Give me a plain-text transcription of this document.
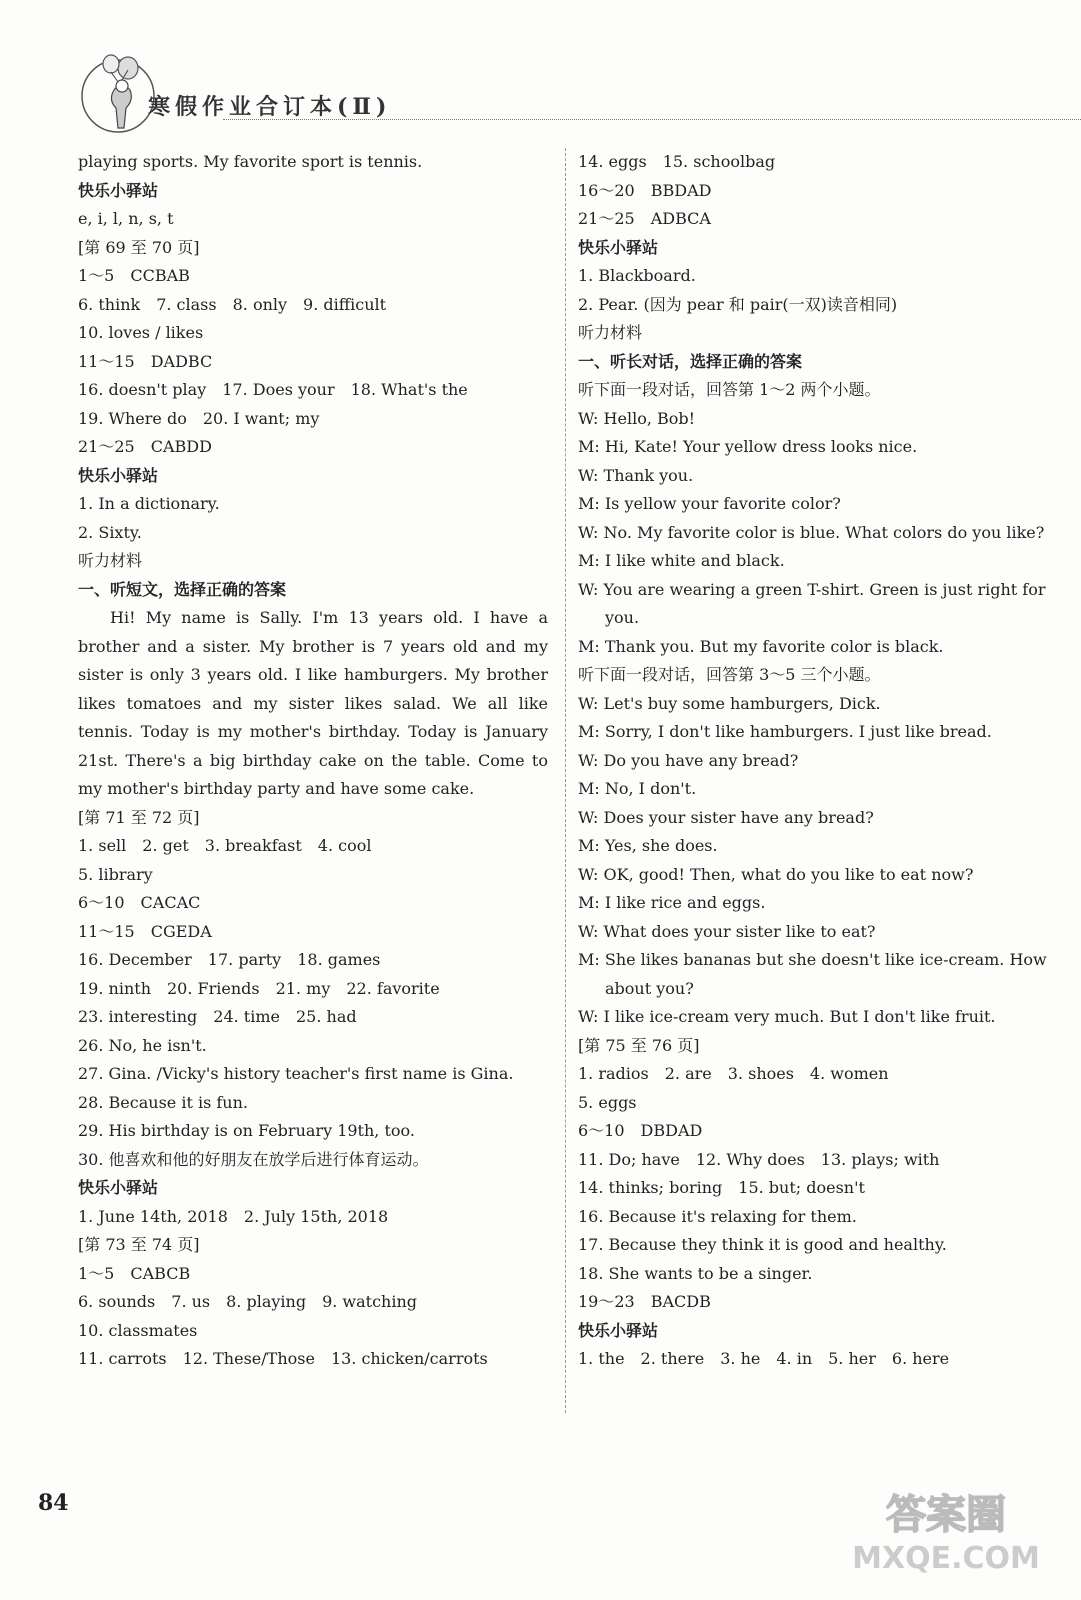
寒假作业合订本(Ⅱ)
playing sports. My favorite sport is tennis.
快乐小驿站
e, i, l, n, s, t
[第 69 至 70 页]
1～5　CCBAB
6. think　7. class　8. only　9. difficult
10. loves / likes
11～15　DADBC
16. doesn't play　17. Does your　18. What's the
19. Where do　20. I want; my
21～25　CABDD
快乐小驿站
1. In a dictionary.
2. Sixty.
听力材料
一、听短文，选择正确的答案
Hi! My name is Sally. I'm 13 years old. I have a brother and a sister. My brother is 7 years old and my sister is only 3 years old. I like hamburgers. My brother likes tomatoes and my sister likes salad. We all like tennis. Today is my mother's birthday. Today is January 21st. There's a big birthday cake on the table. Come to my mother's birthday party and have some cake.
[第 71 至 72 页]
1. sell　2. get　3. breakfast　4. cool
5. library
6～10　CACAC
11～15　CGEDA
16. December　17. party　18. games
19. ninth　20. Friends　21. my　22. favorite
23. interesting　24. time　25. had
26. No, he isn't.
27. Gina. /Vicky's history teacher's first name is Gina.
28. Because it is fun.
29. His birthday is on February 19th, too.
30. 他喜欢和他的好朋友在放学后进行体育运动。
快乐小驿站
1. June 14th, 2018　2. July 15th, 2018
[第 73 至 74 页]
1～5　CABCB
6. sounds　7. us　8. playing　9. watching
10. classmates
11. carrots　12. These/Those　13. chicken/carrots
14. eggs　15. schoolbag
16～20　BBDAD
21～25　ADBCA
快乐小驿站
1. Blackboard.
2. Pear. (因为 pear 和 pair(一双)读音相同)
听力材料
一、听长对话，选择正确的答案
听下面一段对话，回答第 1～2 两个小题。
W: Hello, Bob!
M: Hi, Kate! Your yellow dress looks nice.
W: Thank you.
M: Is yellow your favorite color?
W: No. My favorite color is blue. What colors do you like?
M: I like white and black.
W: You are wearing a green T-shirt. Green is just right for you.
M: Thank you. But my favorite color is black.
听下面一段对话，回答第 3～5 三个小题。
W: Let's buy some hamburgers, Dick.
M: Sorry, I don't like hamburgers. I just like bread.
W: Do you have any bread?
M: No, I don't.
W: Does your sister have any bread?
M: Yes, she does.
W: OK, good! Then, what do you like to eat now?
M: I like rice and eggs.
W: What does your sister like to eat?
M: She likes bananas but she doesn't like ice-cream. How about you?
W: I like ice-cream very much. But I don't like fruit.
[第 75 至 76 页]
1. radios　2. are　3. shoes　4. women
5. eggs
6～10　DBDAD
11. Do; have　12. Why does　13. plays; with
14. thinks; boring　15. but; doesn't
16. Because it's relaxing for them.
17. Because they think it is good and healthy.
18. She wants to be a singer.
19～23　BACDB
快乐小驿站
1. the　2. there　3. he　4. in　5. her　6. here
84	答案圈
MXQE.COM
